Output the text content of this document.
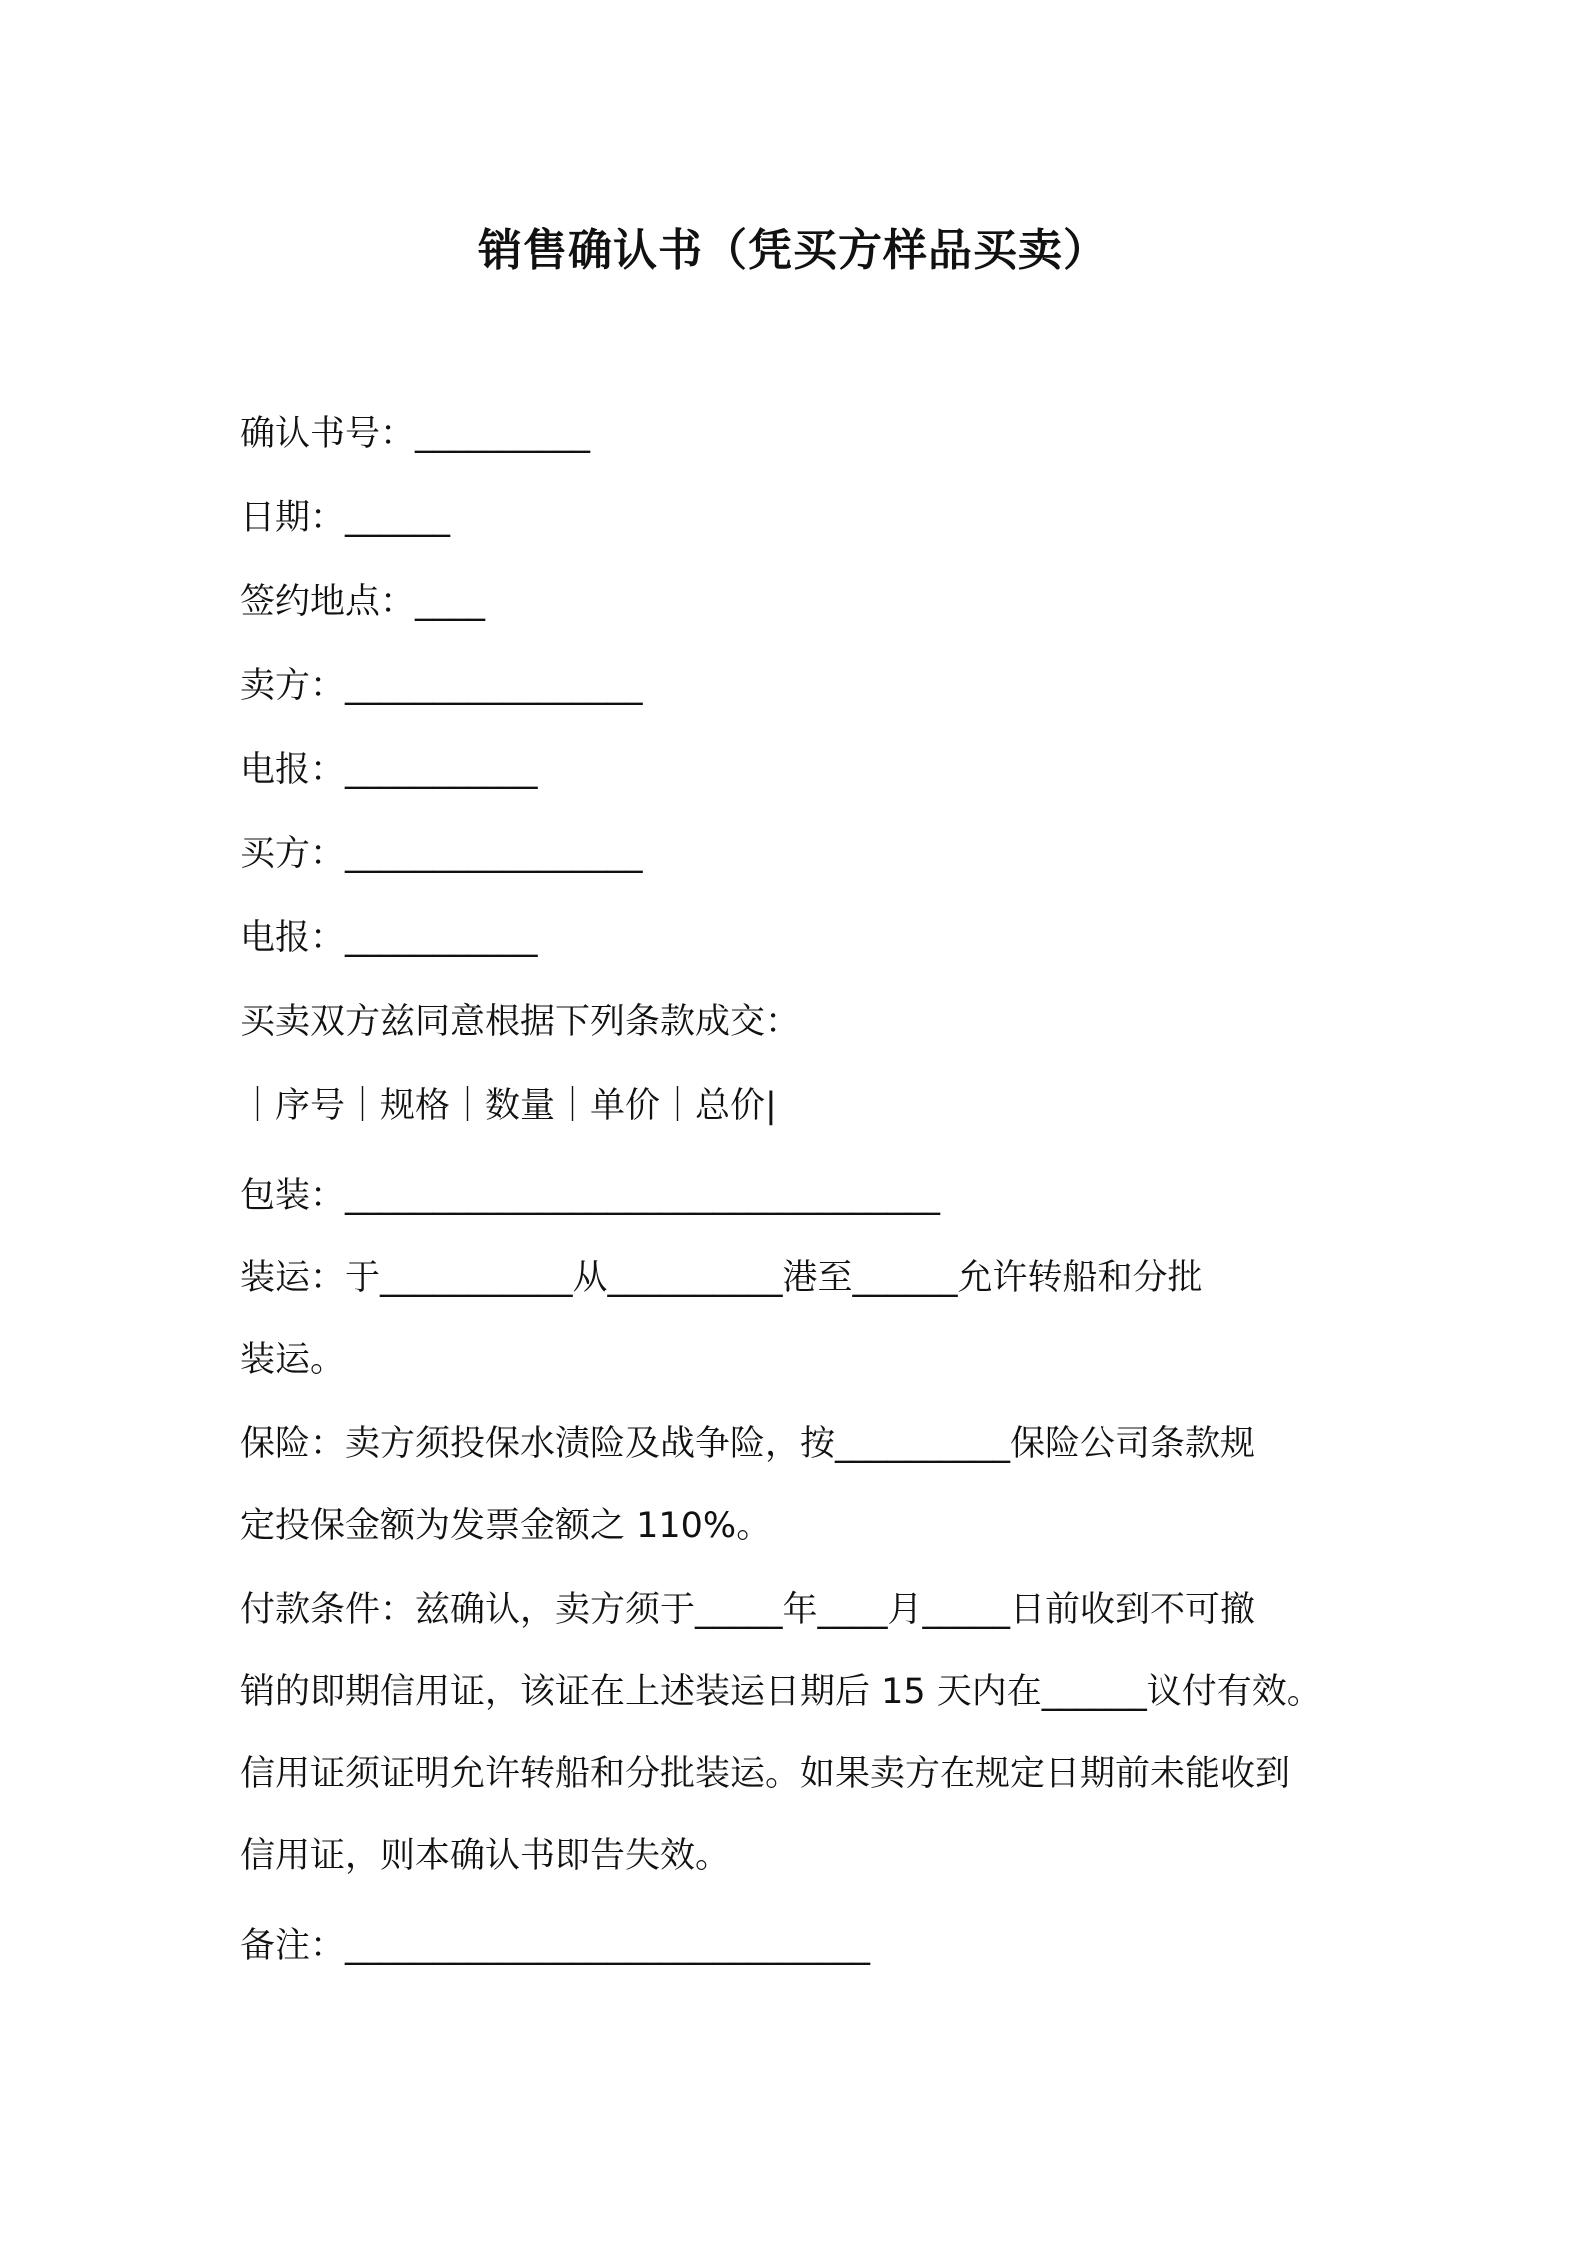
销售确认书（凭买方样品买卖）
确认书号：__________
日期：______
签约地点：____
卖方：_________________
电报：___________
买方：_________________
电报：___________
买卖双方兹同意根据下列条款成交：
｜序号｜规格｜数量｜单价｜总价|
包装：__________________________________
装运：于___________从__________港至______允许转船和分批
装运。
保险：卖方须投保水渍险及战争险，按__________保险公司条款规
定投保金额为发票金额之 110%。
付款条件：兹确认，卖方须于_____年____月_____日前收到不可撤
销的即期信用证，该证在上述装运日期后 15 天内在______议付有效。
信用证须证明允许转船和分批装运。如果卖方在规定日期前未能收到
信用证，则本确认书即告失效。
备注：______________________________
